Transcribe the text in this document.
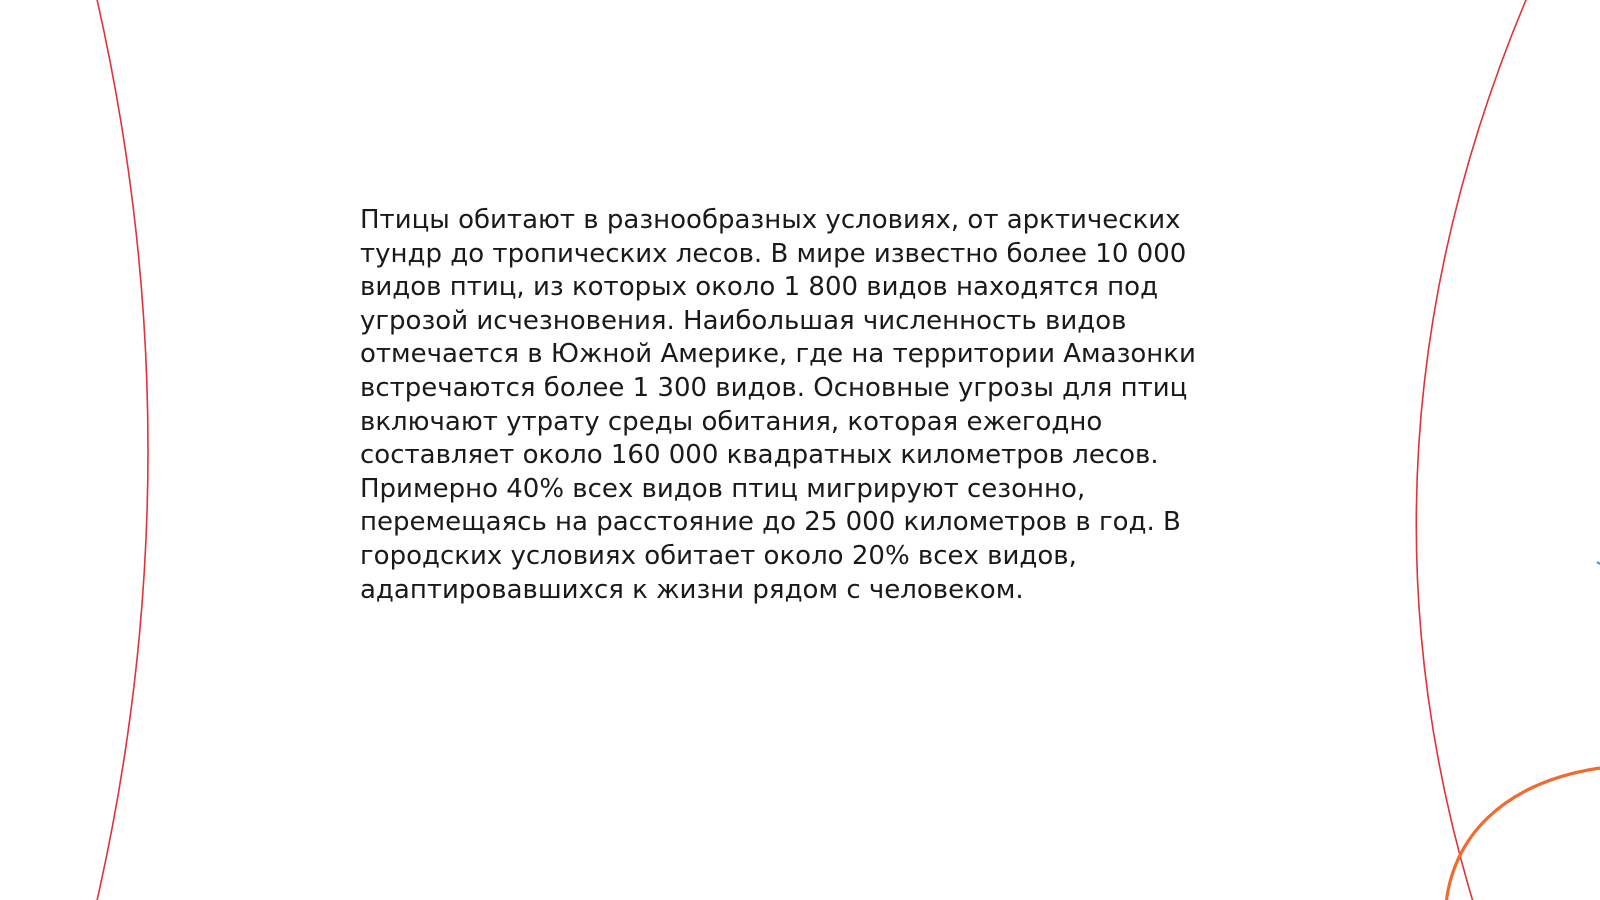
Птицы обитают в разнообразных условиях, от арктических тундр до тропических лесов. В мире известно более 10 000 видов птиц, из которых около 1 800 видов находятся под угрозой исчезновения. Наибольшая численность видов отмечается в Южной Америке, где на территории Амазонки встречаются более 1 300 видов. Основные угрозы для птиц включают утрату среды обитания, которая ежегодно составляет около 160 000 квадратных километров лесов. Примерно 40% всех видов птиц мигрируют сезонно, перемещаясь на расстояние до 25 000 километров в год. В городских условиях обитает около 20% всех видов, адаптировавшихся к жизни рядом с человеком.
